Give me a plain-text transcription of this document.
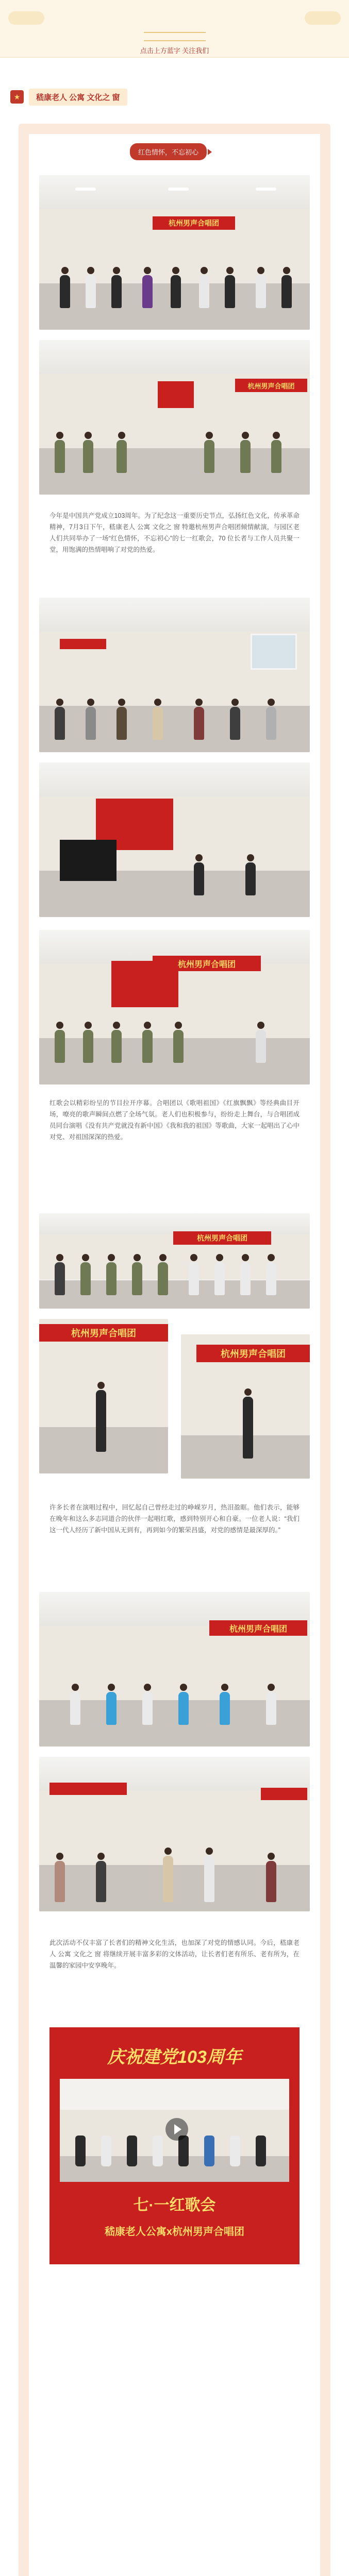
点击上方蓝字 关注我们
★	嵇康老人 公寓 文化之 窗
红色情怀，不忘初心
杭州男声合唱团
杭州男声合唱团
今年是中国共产党成立103周年。为了纪念这一重要历史节点，弘扬红色文化，传承革命精神，7月3日下午，嵇康老人 公寓 文化之 窗 特邀杭州男声合唱团倾情献演，与园区老人们共同举办了一场“红色情怀，不忘初心”的七一红歌会，70 位长者与工作人员共聚一堂，用饱满的热情唱响了对党的热爱。
杭州男声合唱团
红歌会以精彩纷呈的节目拉开序幕。合唱团以《歌唱祖国》《红旗飘飘》等经典曲目开场，嘹亮的歌声瞬间点燃了全场气氛。老人们也积极参与，纷纷走上舞台，与合唱团成员同台演唱《没有共产党就没有新中国》《我和我的祖国》等歌曲，大家一起唱出了心中对党、对祖国深深的热爱。
杭州男声合唱团
杭州男声合唱团
杭州男声合唱团
许多长者在演唱过程中，回忆起自己曾经走过的峥嵘岁月，热泪盈眶。他们表示，能够在晚年和这么多志同道合的伙伴一起唱红歌，感到特别开心和自豪。一位老人说：“我们这一代人经历了新中国从无到有，再到如今的繁荣昌盛，对党的感情是最深厚的。”
杭州男声合唱团
此次活动不仅丰富了长者们的精神文化生活，也加深了对党的情感认同。今后，嵇康老人 公寓 文化之 窗 将继续开展丰富多彩的文体活动，让长者们老有所乐、老有所为，在温馨的家园中安享晚年。
庆祝建党103周年
七·一红歌会
嵇康老人公寓x杭州男声合唱团
